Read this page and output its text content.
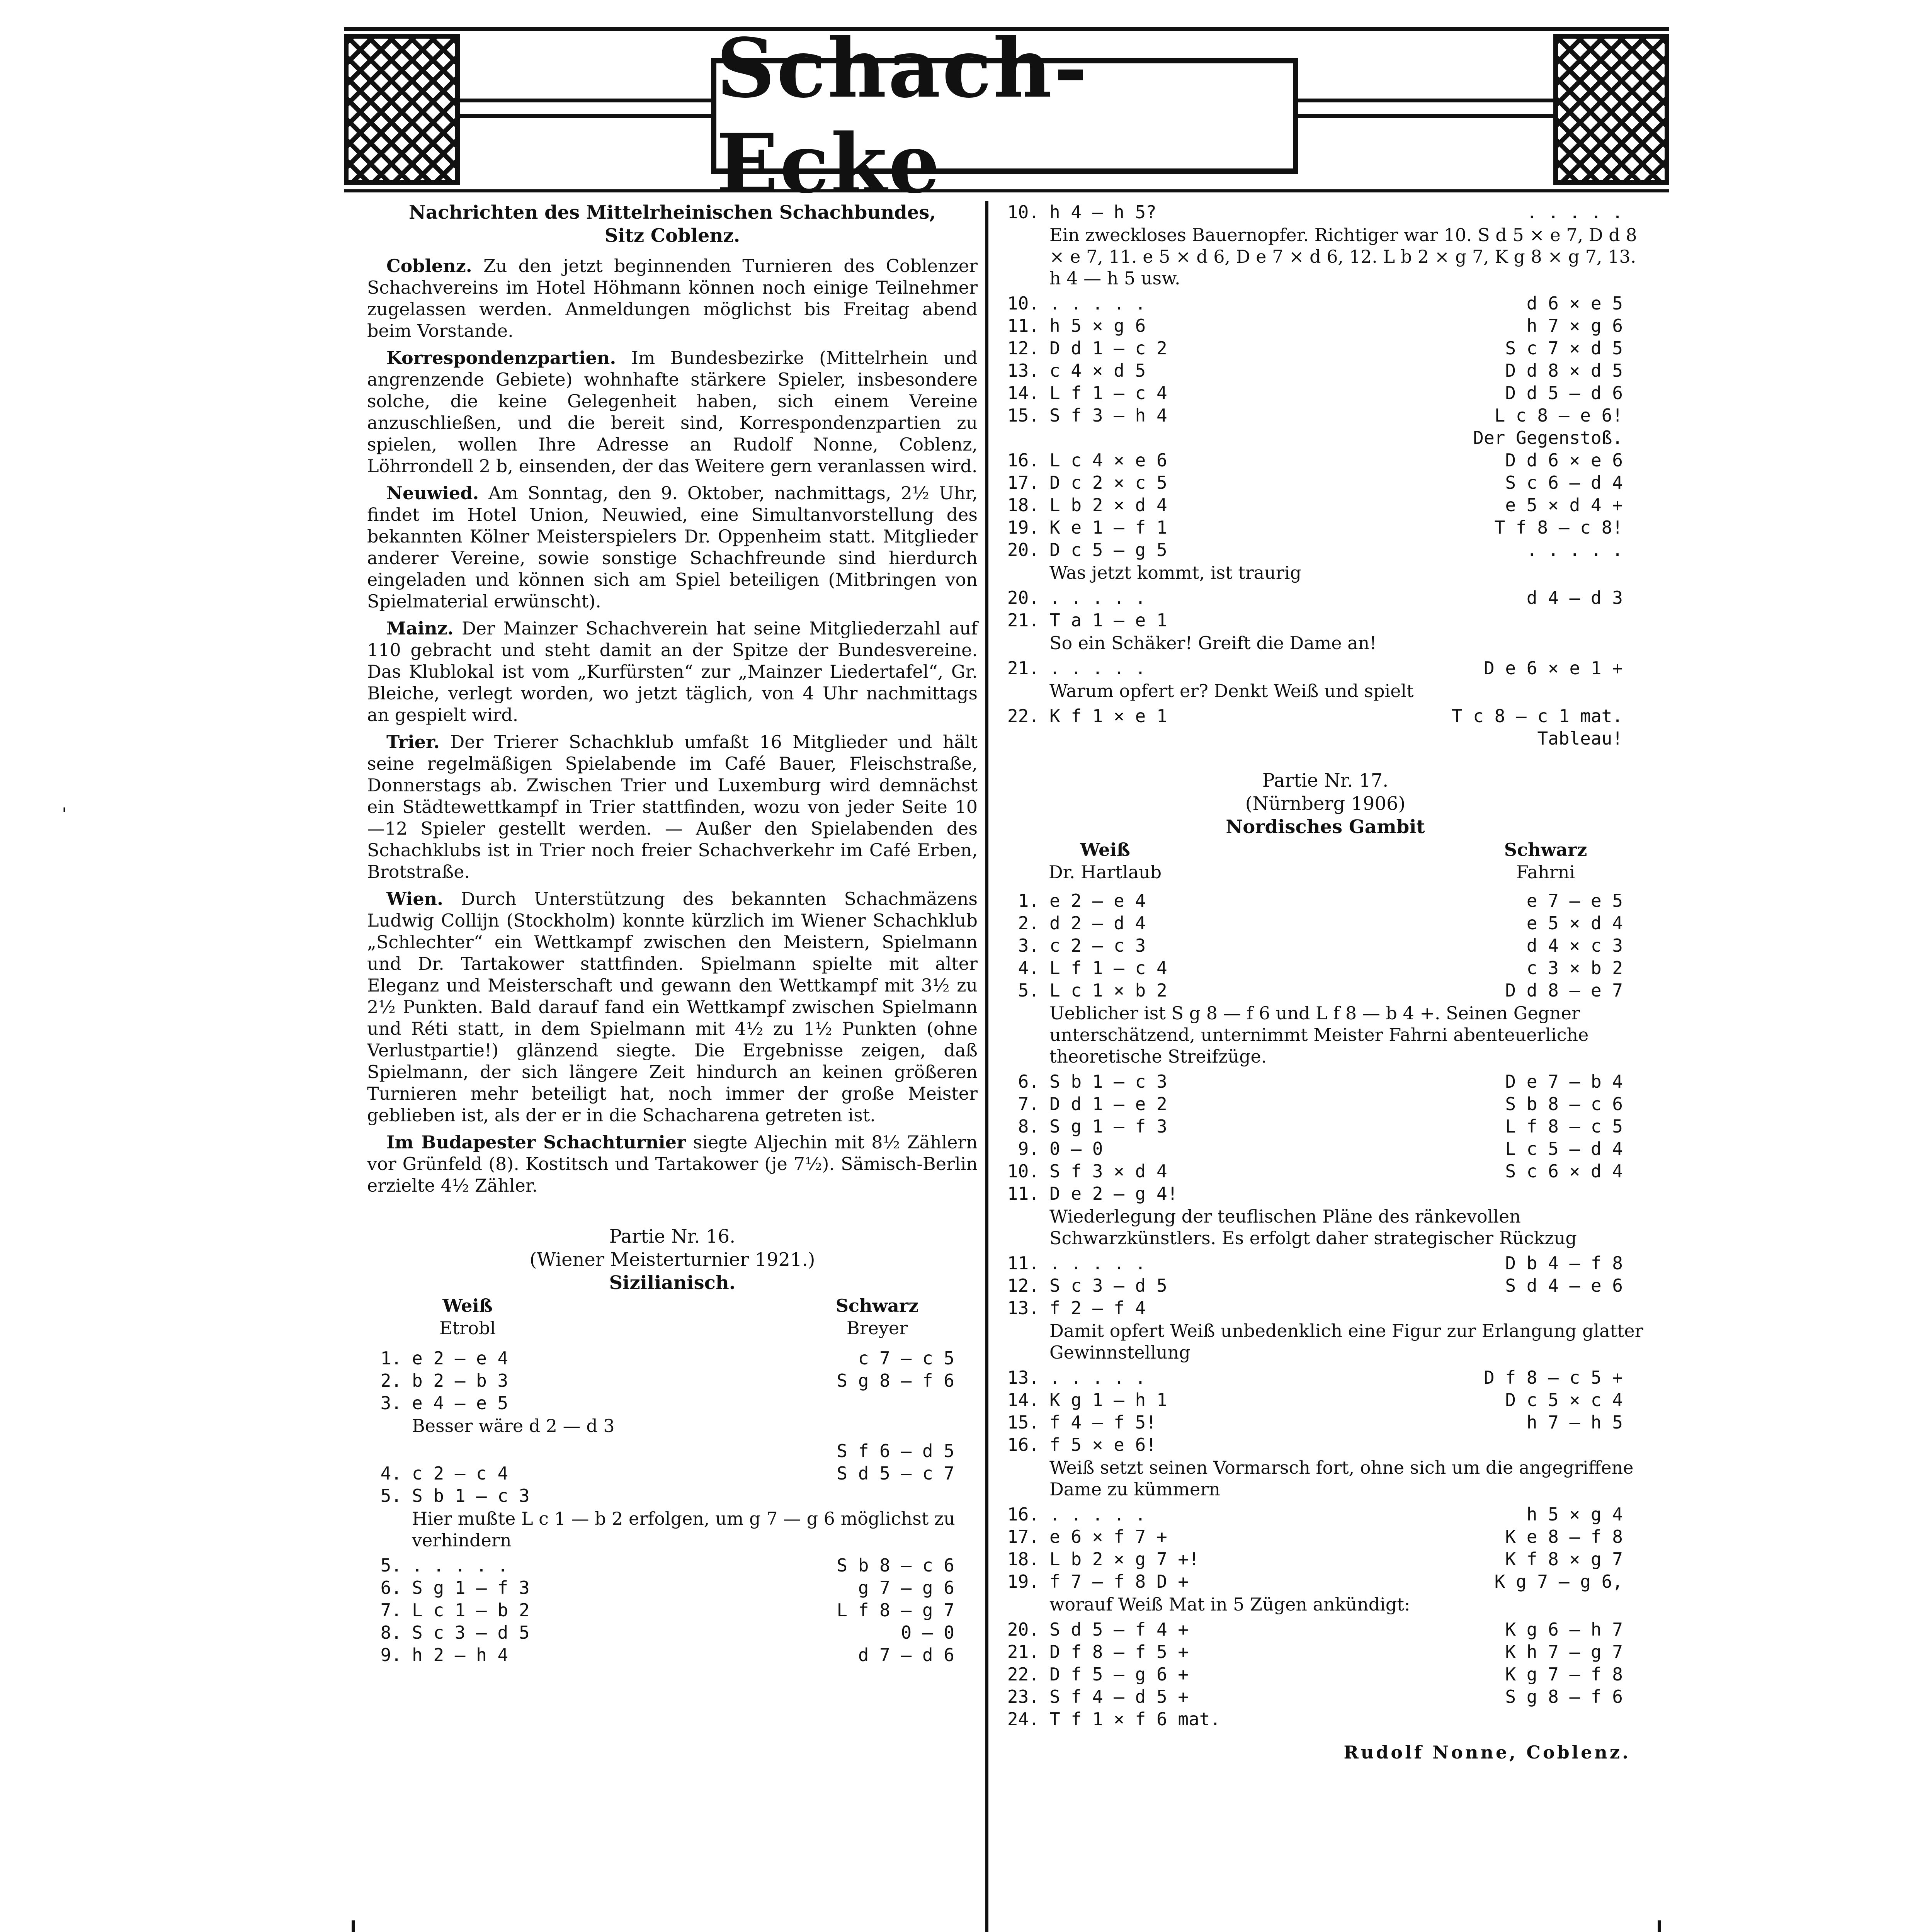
Schach-Ecke
Nachrichten des Mittelrheinischen Schachbundes,
Sitz Coblenz.

Coblenz. Zu den jetzt beginnenden Turnieren des Coblenzer Schachvereins im Hotel Höhmann können noch einige Teilnehmer zugelassen werden. Anmeldungen möglichst bis Freitag abend beim Vorstande.

Korrespondenzpartien. Im Bundesbezirke (Mittelrhein und angrenzende Gebiete) wohnhafte stärkere Spieler, insbesondere solche, die keine Gelegenheit haben, sich einem Vereine anzuschließen, und die bereit sind, Korrespondenzpartien zu spielen, wollen Ihre Adresse an Rudolf Nonne, Coblenz, Löhrrondell 2 b, einsenden, der das Weitere gern veranlassen wird.

Neuwied. Am Sonntag, den 9. Oktober, nachmittags, 2½ Uhr, findet im Hotel Union, Neuwied, eine Simultanvorstellung des bekannten Kölner Meisterspielers Dr. Oppenheim statt. Mitglieder anderer Vereine, sowie sonstige Schachfreunde sind hierdurch eingeladen und können sich am Spiel beteiligen (Mitbringen von Spielmaterial erwünscht).

Mainz. Der Mainzer Schachverein hat seine Mitgliederzahl auf 110 gebracht und steht damit an der Spitze der Bundesvereine. Das Klublokal ist vom „Kurfürsten“ zur „Mainzer Liedertafel“, Gr. Bleiche, verlegt worden, wo jetzt täglich, von 4 Uhr nachmittags an gespielt wird.

Trier. Der Trierer Schachklub umfaßt 16 Mitglieder und hält seine regelmäßigen Spielabende im Café Bauer, Fleischstraße, Donnerstags ab. Zwischen Trier und Luxemburg wird demnächst ein Städtewettkampf in Trier stattfinden, wozu von jeder Seite 10—12 Spieler gestellt werden. — Außer den Spielabenden des Schachklubs ist in Trier noch freier Schachverkehr im Café Erben, Brotstraße.

Wien. Durch Unterstützung des bekannten Schachmäzens Ludwig Collijn (Stockholm) konnte kürzlich im Wiener Schachklub „Schlechter“ ein Wettkampf zwischen den Meistern, Spielmann und Dr. Tartakower stattfinden. Spielmann spielte mit alter Eleganz und Meisterschaft und gewann den Wettkampf mit 3½ zu 2½ Punkten. Bald darauf fand ein Wettkampf zwischen Spielmann und Réti statt, in dem Spielmann mit 4½ zu 1½ Punkten (ohne Verlustpartie!) glänzend siegte. Die Ergebnisse zeigen, daß Spielmann, der sich längere Zeit hindurch an keinen größeren Turnieren mehr beteiligt hat, noch immer der große Meister geblieben ist, als der er in die Schacharena getreten ist.

Im Budapester Schachturnier siegte Aljechin mit 8½ Zählern vor Grünfeld (8). Kostitsch und Tartakower (je 7½). Sämisch-Berlin erzielte 4½ Zähler.

Partie Nr. 16.
(Wiener Meisterturnier 1921.)
Sizilianisch.
Weiß
Etrobl
Schwarz
Breyer
1. e 2 — e 4	c 7 — c 5
2. b 2 — b 3	S g 8 — f 6
3. e 4 — e 5
Besser wäre d 2 — d 3
S f 6 — d 5
4. c 2 — c 4	S d 5 — c 7
5. S b 1 — c 3
Hier mußte L c 1 — b 2 erfolgen, um g 7 — g 6 möglichst zu verhindern
5. . . . . .	S b 8 — c 6
6. S g 1 — f 3	g 7 — g 6
7. L c 1 — b 2	L f 8 — g 7
8. S c 3 — d 5	0 — 0
9. h 2 — h 4	d 7 — d 6
10. h 4 — h 5?	. . . . .
Ein zweckloses Bauernopfer. Richtiger war 10. S d 5 × e 7, D d 8 × e 7, 11. e 5 × d 6, D e 7 × d 6, 12. L b 2 × g 7, K g 8 × g 7, 13. h 4 — h 5 usw.
10. . . . . .	d 6 × e 5
11. h 5 × g 6	h 7 × g 6
12. D d 1 — c 2	S c 7 × d 5
13. c 4 × d 5	D d 8 × d 5
14. L f 1 — c 4	D d 5 — d 6
15. S f 3 — h 4	L c 8 — e 6!
Der Gegenstoß.
16. L c 4 × e 6	D d 6 × e 6
17. D c 2 × c 5	S c 6 — d 4
18. L b 2 × d 4	e 5 × d 4 +
19. K e 1 — f 1	T f 8 — c 8!
20. D c 5 — g 5	. . . . .
Was jetzt kommt, ist traurig
20. . . . . .	d 4 — d 3
21. T a 1 — e 1
So ein Schäker! Greift die Dame an!
21. . . . . .	D e 6 × e 1 +
Warum opfert er? Denkt Weiß und spielt
22. K f 1 × e 1	T c 8 — c 1 mat.
Tableau!
Partie Nr. 17.
(Nürnberg 1906)
Nordisches Gambit
Weiß
Dr. Hartlaub
Schwarz
Fahrni
1. e 2 — e 4	e 7 — e 5
2. d 2 — d 4	e 5 × d 4
3. c 2 — c 3	d 4 × c 3
4. L f 1 — c 4	c 3 × b 2
5. L c 1 × b 2	D d 8 — e 7
Ueblicher ist S g 8 — f 6 und L f 8 — b 4 +. Seinen Gegner unterschätzend, unternimmt Meister Fahrni abenteuerliche theoretische Streifzüge.
6. S b 1 — c 3	D e 7 — b 4
7. D d 1 — e 2	S b 8 — c 6
8. S g 1 — f 3	L f 8 — c 5
9. 0 — 0	L c 5 — d 4
10. S f 3 × d 4	S c 6 × d 4
11. D e 2 — g 4!
Wiederlegung der teuflischen Pläne des ränkevollen Schwarzkünstlers. Es erfolgt daher strategischer Rückzug
11. . . . . .	D b 4 — f 8
12. S c 3 — d 5	S d 4 — e 6
13. f 2 — f 4
Damit opfert Weiß unbedenklich eine Figur zur Erlangung glatter Gewinnstellung
13. . . . . .	D f 8 — c 5 +
14. K g 1 — h 1	D c 5 × c 4
15. f 4 — f 5!	h 7 — h 5
16. f 5 × e 6!
Weiß setzt seinen Vormarsch fort, ohne sich um die angegriffene Dame zu kümmern
16. . . . . .	h 5 × g 4
17. e 6 × f 7 +	K e 8 — f 8
18. L b 2 × g 7 +!	K f 8 × g 7
19. f 7 — f 8 D +	K g 7 — g 6,
worauf Weiß Mat in 5 Zügen ankündigt:
20. S d 5 — f 4 +	K g 6 — h 7
21. D f 8 — f 5 +	K h 7 — g 7
22. D f 5 — g 6 +	K g 7 — f 8
23. S f 4 — d 5 +	S g 8 — f 6
24. T f 1 × f 6 mat.
Rudolf Nonne, Coblenz.
'
